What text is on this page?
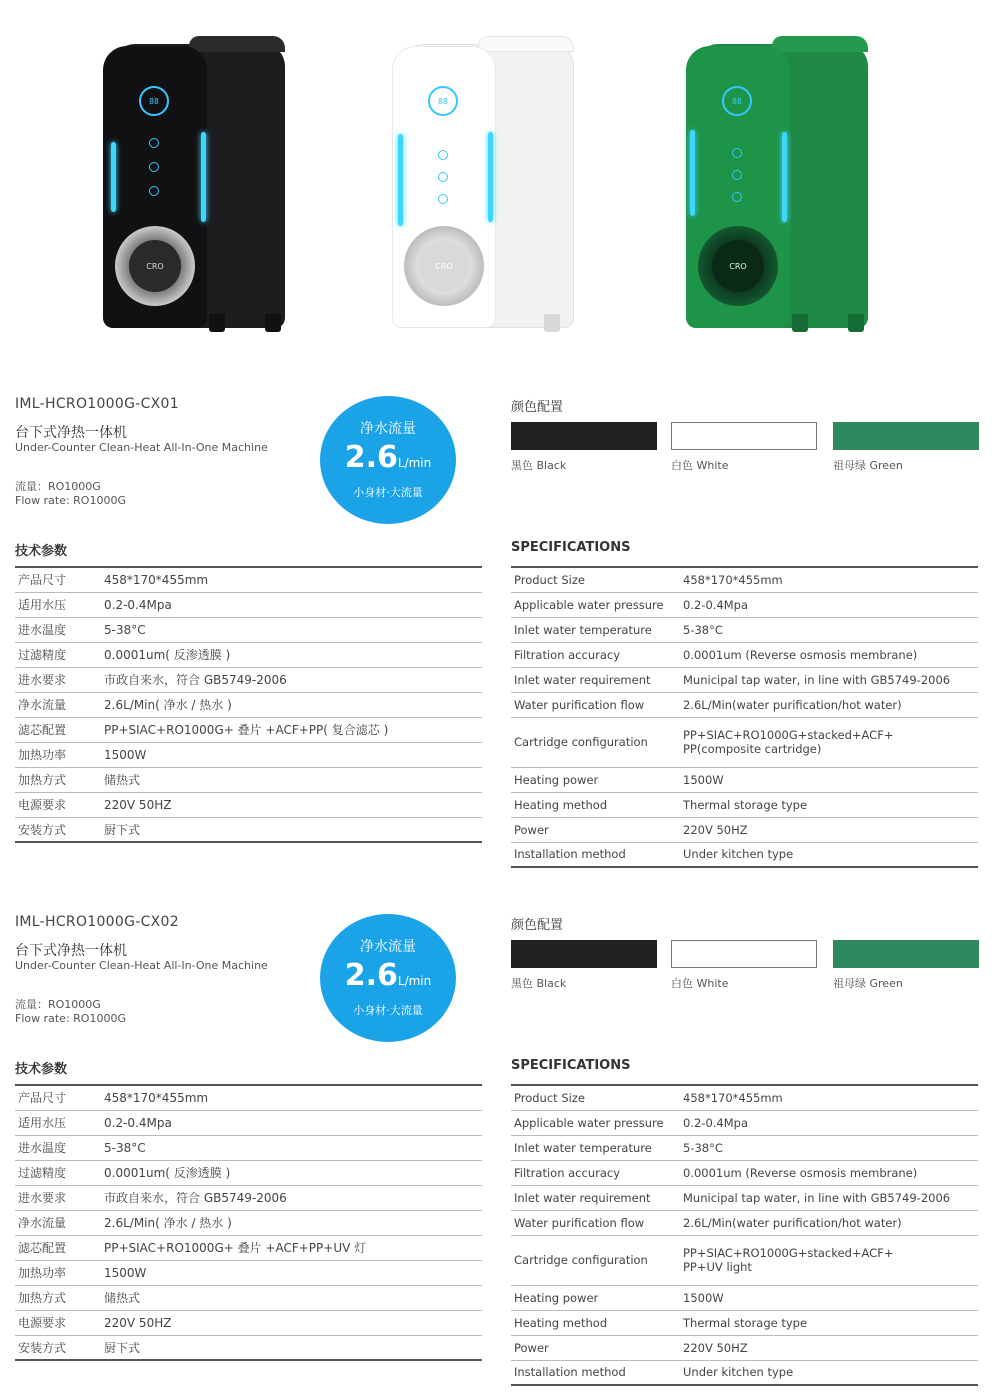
88
CRO
88
CRO
88
CRO
IML-HCRO1000G-CX01
台下式净热一体机
Under-Counter Clean-Heat All-In-One Machine
流量：RO1000G
Flow rate: RO1000G
净水流量
2.6L/min
小身材·大流量
颜色配置
黑色 Black	白色 White	祖母绿 Green
技术参数	SPECIFICATIONS
产品尺寸	458*170*455mm
适用水压	0.2-0.4Mpa
进水温度	5-38°C
过滤精度	0.0001um( 反渗透膜 )
进水要求	市政自来水，符合 GB5749-2006
净水流量	2.6L/Min( 净水 / 热水 )
滤芯配置	PP+SIAC+RO1000G+ 叠片 +ACF+PP( 复合滤芯 )
加热功率	1500W
加热方式	储热式
电源要求	220V 50HZ
安装方式	厨下式
Product Size	458*170*455mm
Applicable water pressure	0.2-0.4Mpa
Inlet water temperature	5-38°C
Filtration accuracy	0.0001um (Reverse osmosis membrane)
Inlet water requirement	Municipal tap water, in line with GB5749-2006
Water purification flow	2.6L/Min(water purification/hot water)
Cartridge configuration	PP+SIAC+RO1000G+stacked+ACF+
PP(composite cartridge)

Heating power	1500W
Heating method	Thermal storage type
Power	220V 50HZ
Installation method	Under kitchen type
IML-HCRO1000G-CX02
台下式净热一体机
Under-Counter Clean-Heat All-In-One Machine
流量：RO1000G
Flow rate: RO1000G
净水流量
2.6L/min
小身材·大流量
颜色配置
黑色 Black	白色 White	祖母绿 Green
技术参数	SPECIFICATIONS
产品尺寸	458*170*455mm
适用水压	0.2-0.4Mpa
进水温度	5-38°C
过滤精度	0.0001um( 反渗透膜 )
进水要求	市政自来水，符合 GB5749-2006
净水流量	2.6L/Min( 净水 / 热水 )
滤芯配置	PP+SIAC+RO1000G+ 叠片 +ACF+PP+UV 灯
加热功率	1500W
加热方式	储热式
电源要求	220V 50HZ
安装方式	厨下式
Product Size	458*170*455mm
Applicable water pressure	0.2-0.4Mpa
Inlet water temperature	5-38°C
Filtration accuracy	0.0001um (Reverse osmosis membrane)
Inlet water requirement	Municipal tap water, in line with GB5749-2006
Water purification flow	2.6L/Min(water purification/hot water)
Cartridge configuration	PP+SIAC+RO1000G+stacked+ACF+
PP+UV light

Heating power	1500W
Heating method	Thermal storage type
Power	220V 50HZ
Installation method	Under kitchen type
